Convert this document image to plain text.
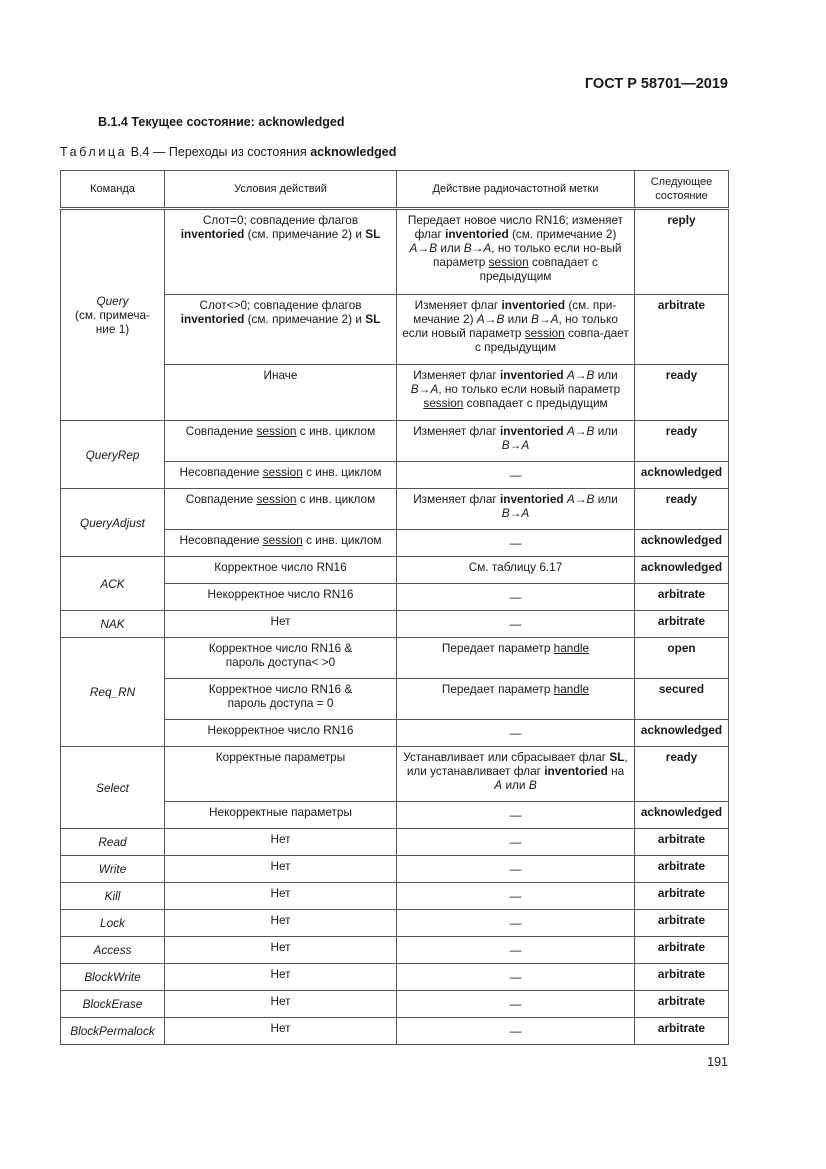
ГОСТ Р 58701—2019
В.1.4 Текущее состояние: acknowledged
Таблица В.4 — Переходы из состояния acknowledged
Команда	Условия действий	Действие радиочастотной метки	Следующее состояние
Query
(см. примеча-ние 1)	Слот=0; совпадение флагов inventoried (см. примечание 2) и SL	Передает новое число RN16; изменяет флаг inventoried (см. примечание 2) A→B или B→A, но только если но-вый параметр session совпадает с предыдущим	reply
	Слот<>0; совпадение флагов inventoried (см. примечание 2) и SL	Изменяет флаг inventoried (см. при-мечание 2) A→B или B→A, но только если новый параметр session совпа-дает с предыдущим	arbitrate
	Иначе	Изменяет флаг inventoried A→B или B→A, но только если новый параметр session совпадает с предыдущим	ready
QueryRep	Совпадение session с инв. циклом	Изменяет флаг inventoried A→B или B→A	ready
	Несовпадение session с инв. циклом	—	acknowledged
QueryAdjust	Совпадение session с инв. циклом	Изменяет флаг inventoried A→B или B→A	ready
	Несовпадение session с инв. циклом	—	acknowledged
ACK	Корректное число RN16	См. таблицу 6.17	acknowledged
	Некорректное число RN16	—	arbitrate
NAK	Нет	—	arbitrate
Req_RN	Корректное число RN16 &
пароль доступа< >0	Передает параметр handle	open
	Корректное число RN16 &
пароль доступа = 0	Передает параметр handle	secured
	Некорректное число RN16	—	acknowledged
Select	Корректные параметры	Устанавливает или сбрасывает флаг SL, или устанавливает флаг inventoried на A или B	ready
	Некорректные параметры	—	acknowledged
Read	Нет	—	arbitrate
Write	Нет	—	arbitrate
Kill	Нет	—	arbitrate
Lock	Нет	—	arbitrate
Access	Нет	—	arbitrate
BlockWrite	Нет	—	arbitrate
BlockErase	Нет	—	arbitrate
BlockPermalock	Нет	—	arbitrate
191
